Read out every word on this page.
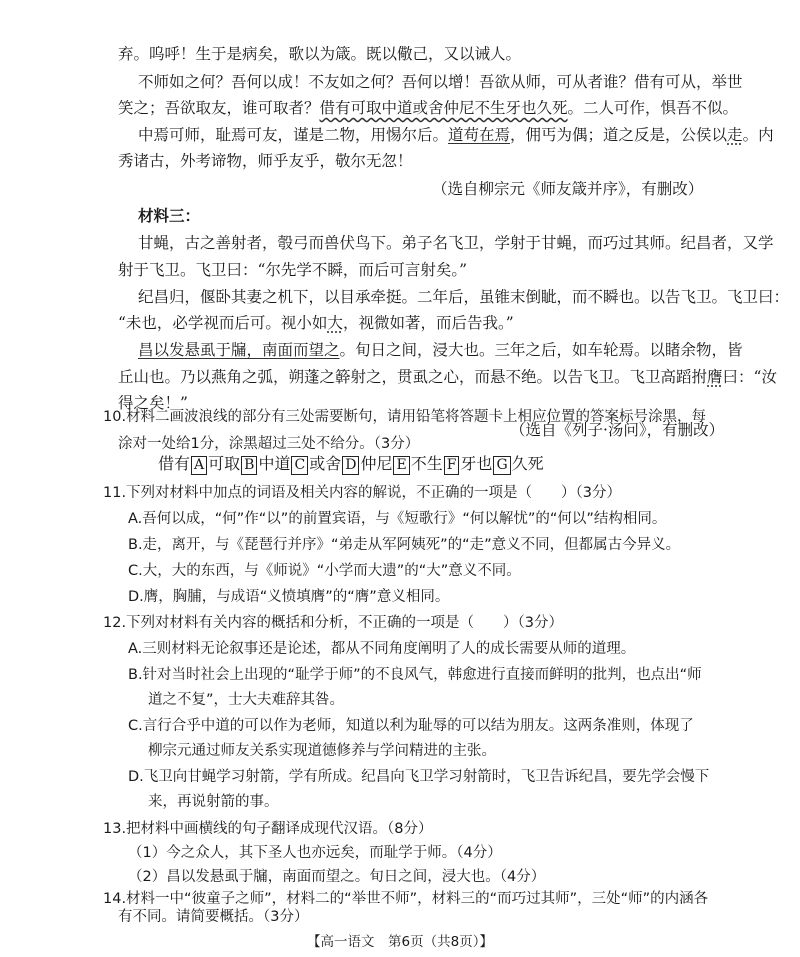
弃。呜呼！生于是病矣，歌以为箴。既以儆己，又以诫人。
不师如之何？吾何以成！不友如之何？吾何以增！吾欲从师，可从者谁？借有可从，举世
笑之；吾欲取友，谁可取者？借有可取中道或舍仲尼不生牙也久死。二人可作，惧吾不似。
中焉可师，耻焉可友，谨是二物，用惕尔后。道苟在焉，佣丐为偶；道之反是，公侯以走。内
秀诸古，外考谛物，师乎友乎，敬尔无忽！
（选自柳宗元《师友箴并序》，有删改）
材料三：
甘蝇，古之善射者，彀弓而兽伏鸟下。弟子名飞卫，学射于甘蝇，而巧过其师。纪昌者，又学
射于飞卫。飞卫曰：“尔先学不瞬，而后可言射矣。”
纪昌归，偃卧其妻之机下，以目承牵挺。二年后，虽锥末倒眦，而不瞬也。以告飞卫。飞卫曰：
“未也，必学视而后可。视小如大，视微如著，而后告我。”
昌以发悬虱于牖，南面而望之。旬日之间，浸大也。三年之后，如车轮焉。以睹余物，皆
丘山也。乃以燕角之弧，朔蓬之簳射之，贯虱之心，而悬不绝。以告飞卫。飞卫高蹈拊膺曰：“汝
得之矣！”
（选自《列子·汤问》，有删改）
10.材料二画波浪线的部分有三处需要断句，请用铅笔将答题卡上相应位置的答案标号涂黑，每
涂对一处给1分，涂黑超过三处不给分。（3分）
借有 A 可取 B 中道 C 或舍 D 仲尼 E 不生 F 牙也 G 久死
11.下列对材料中加点的词语及相关内容的解说，不正确的一项是（　　）（3分）
A.吾何以成，“何”作“以”的前置宾语，与《短歌行》“何以解忧”的“何以”结构相同。
B.走，离开，与《琵琶行并序》“弟走从军阿姨死”的“走”意义不同，但都属古今异义。
C.大，大的东西，与《师说》“小学而大遗”的“大”意义不同。
D.膺，胸脯，与成语“义愤填膺”的“膺”意义相同。
12.下列对材料有关内容的概括和分析，不正确的一项是（　　）（3分）
A.三则材料无论叙事还是论述，都从不同角度阐明了人的成长需要从师的道理。
B.针对当时社会上出现的“耻学于师”的不良风气，韩愈进行直接而鲜明的批判，也点出“师
道之不复”，士大夫难辞其咎。
C.言行合乎中道的可以作为老师，知道以利为耻辱的可以结为朋友。这两条准则，体现了
柳宗元通过师友关系实现道德修养与学问精进的主张。
D.飞卫向甘蝇学习射箭，学有所成。纪昌向飞卫学习射箭时，飞卫告诉纪昌，要先学会慢下
来，再说射箭的事。
13.把材料中画横线的句子翻译成现代汉语。（8分）
（1）今之众人，其下圣人也亦远矣，而耻学于师。（4分）
（2）昌以发悬虱于牖，南面而望之。旬日之间，浸大也。（4分）
14.材料一中“彼童子之师”，材料二的“举世不师”，材料三的“而巧过其师”，三处“师”的内涵各
【高一语文　第6页（共8页）】
有不同。请简要概括。（3分）
